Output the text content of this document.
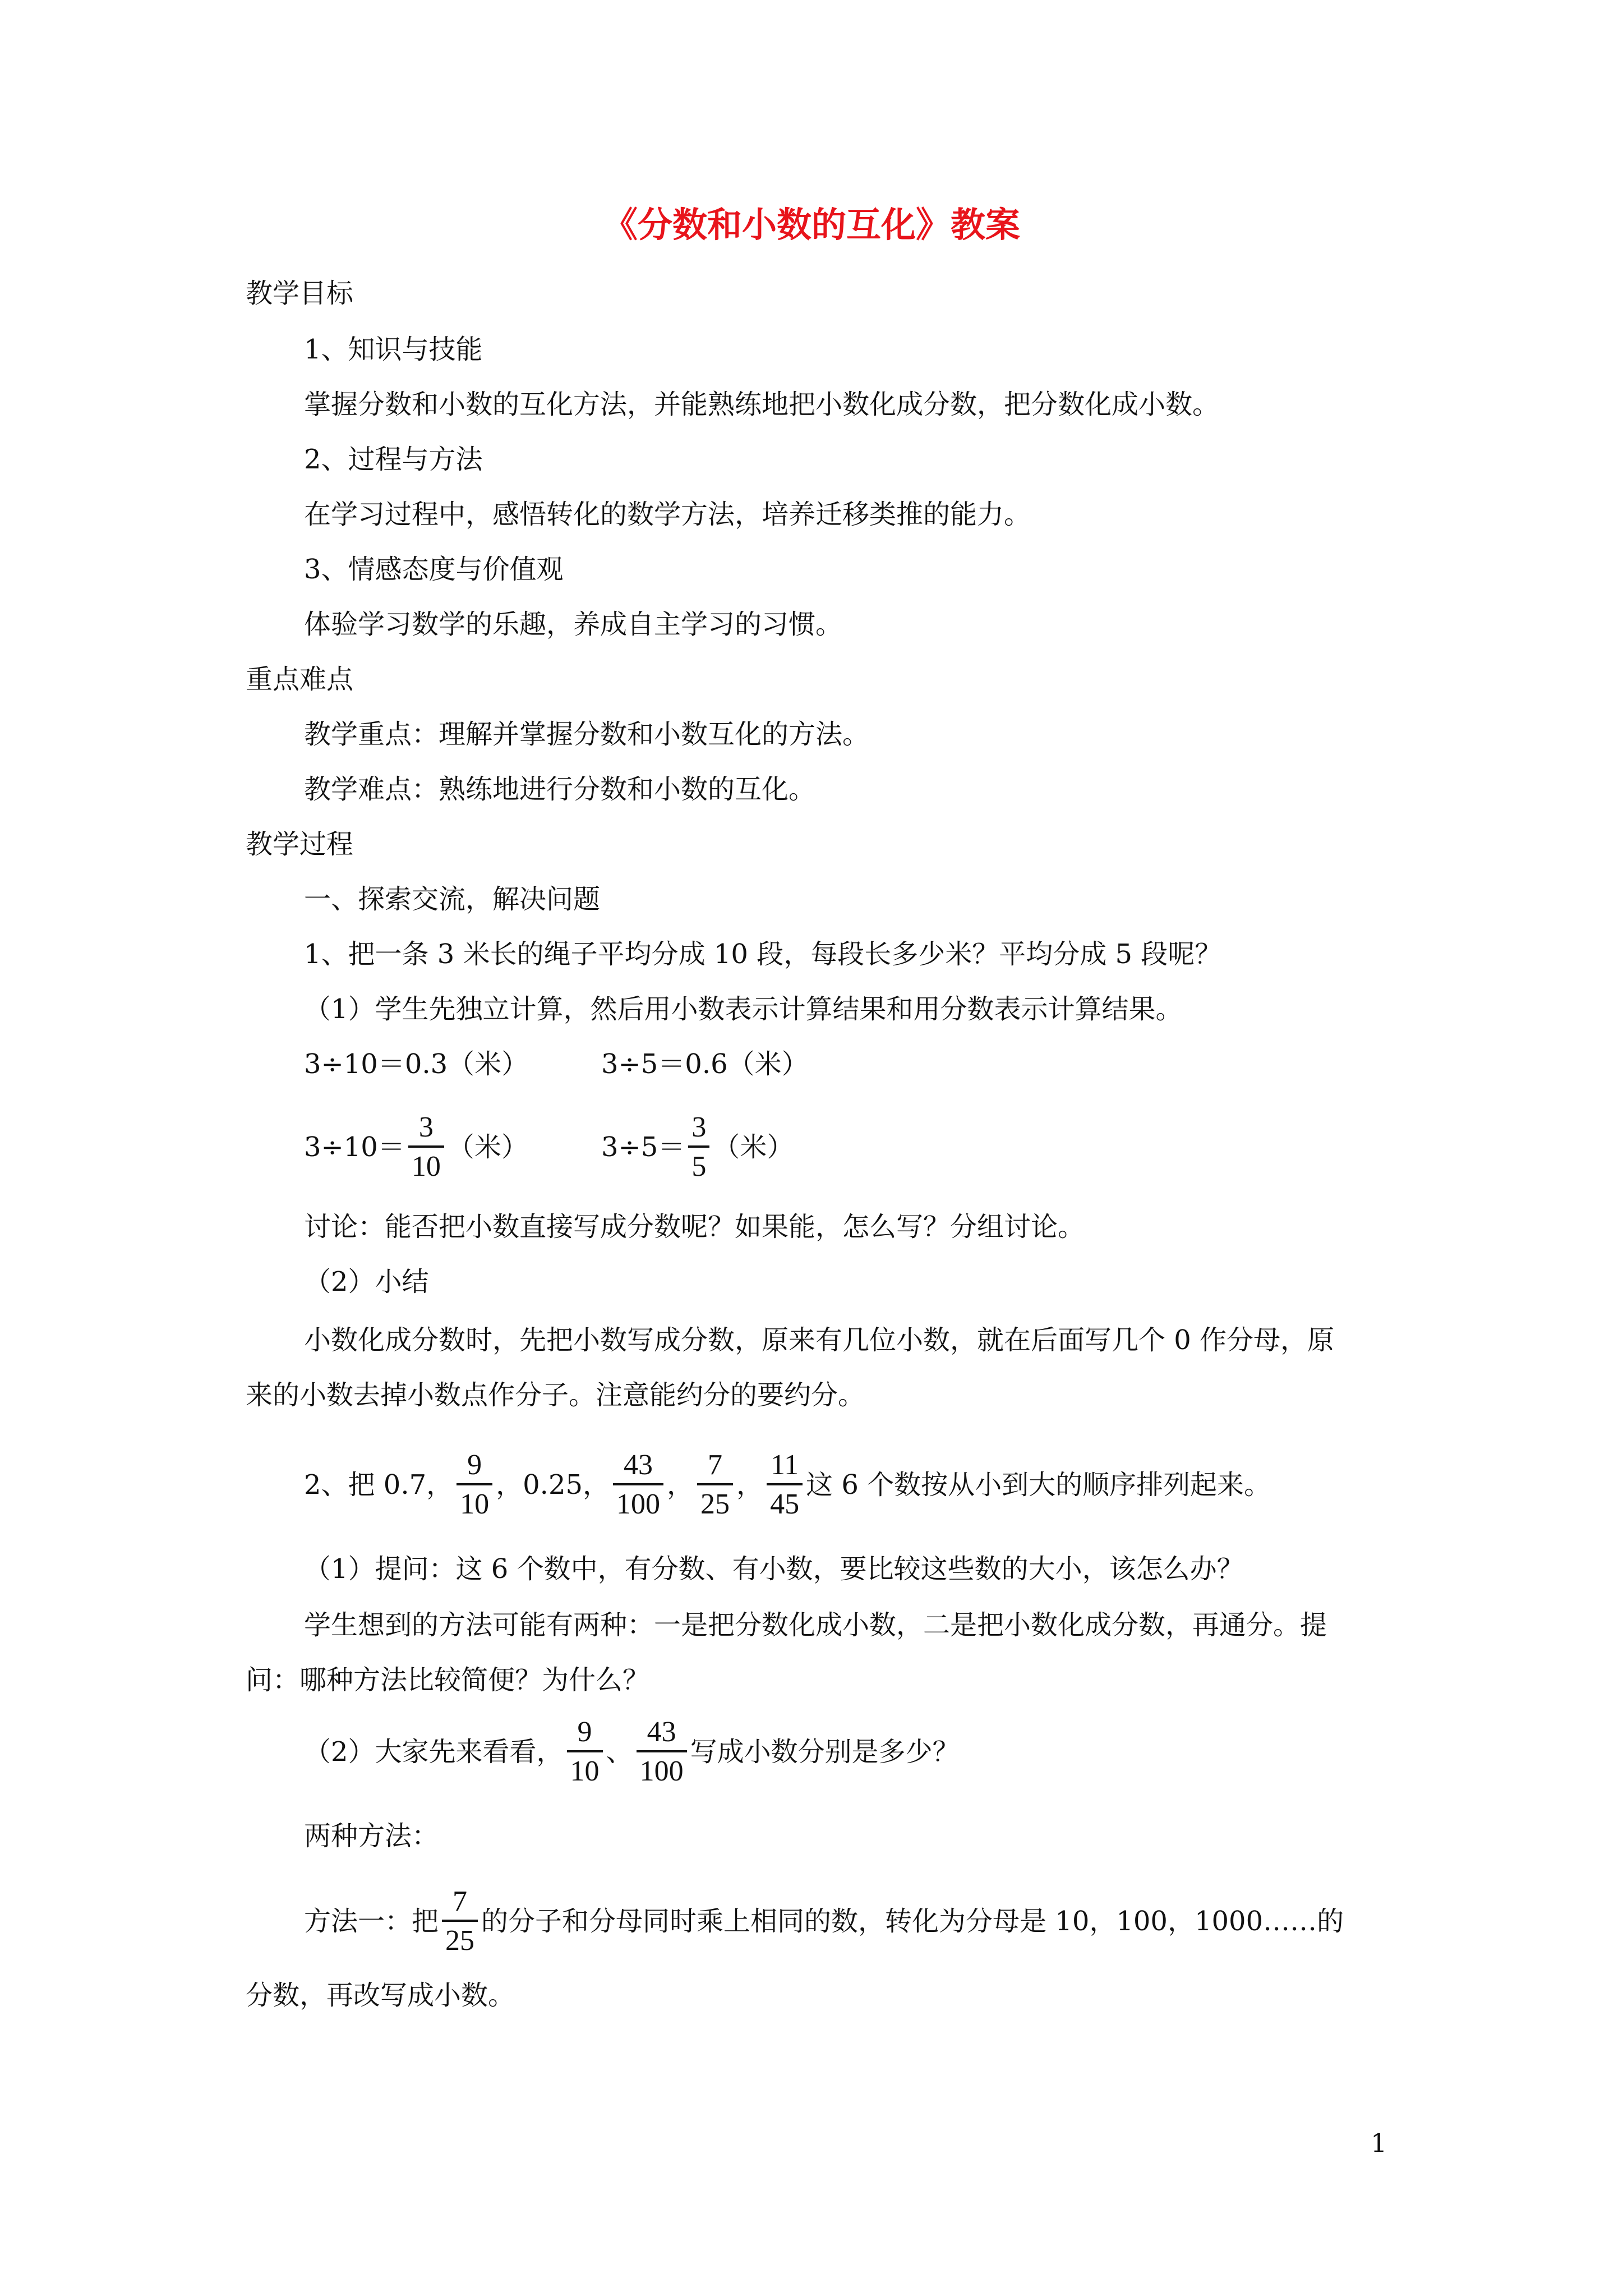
《分数和小数的互化》教案
教学目标
1、知识与技能
掌握分数和小数的互化方法，并能熟练地把小数化成分数，把分数化成小数。
2、过程与方法
在学习过程中，感悟转化的数学方法，培养迁移类推的能力。
3、情感态度与价值观
体验学习数学的乐趣，养成自主学习的习惯。
重点难点
教学重点：理解并掌握分数和小数互化的方法。
教学难点：熟练地进行分数和小数的互化。
教学过程
一、探索交流，解决问题
1、把一条 3 米长的绳子平均分成 10 段，每段长多少米？平均分成 5 段呢？
（1）学生先独立计算，然后用小数表示计算结果和用分数表示计算结果。
3÷10＝0.3（米）	3÷5＝0.6（米）
$3\div 10= \frac{3}{10}$ （米）	$3\div 5= \frac{3}{5}$ （米）
讨论：能否把小数直接写成分数呢？如果能，怎么写？分组讨论。
（2）小结
小数化成分数时，先把小数写成分数，原来有几位小数，就在后面写几个 0 作分母，原
来的小数去掉小数点作分子。注意能约分的要约分。
2、把 0.7， $\frac{9}{10}$ ，0.25， $\frac{43}{100}$ ， $\frac{7}{25}$ ， $\frac{11}{45}$ 这 6 个数按从小到大的顺序排列起来。
（1）提问：这 6 个数中，有分数、有小数，要比较这些数的大小，该怎么办？
学生想到的方法可能有两种：一是把分数化成小数，二是把小数化成分数，再通分。提
问：哪种方法比较简便？为什么？
（2）大家先来看看， $\frac{9}{10}$ 、 $\frac{43}{100}$ 写成小数分别是多少？
两种方法：
方法一：把 $\frac{7}{25}$ 的分子和分母同时乘上相同的数，转化为分母是 10，100，1000……的
分数，再改写成小数。
1
